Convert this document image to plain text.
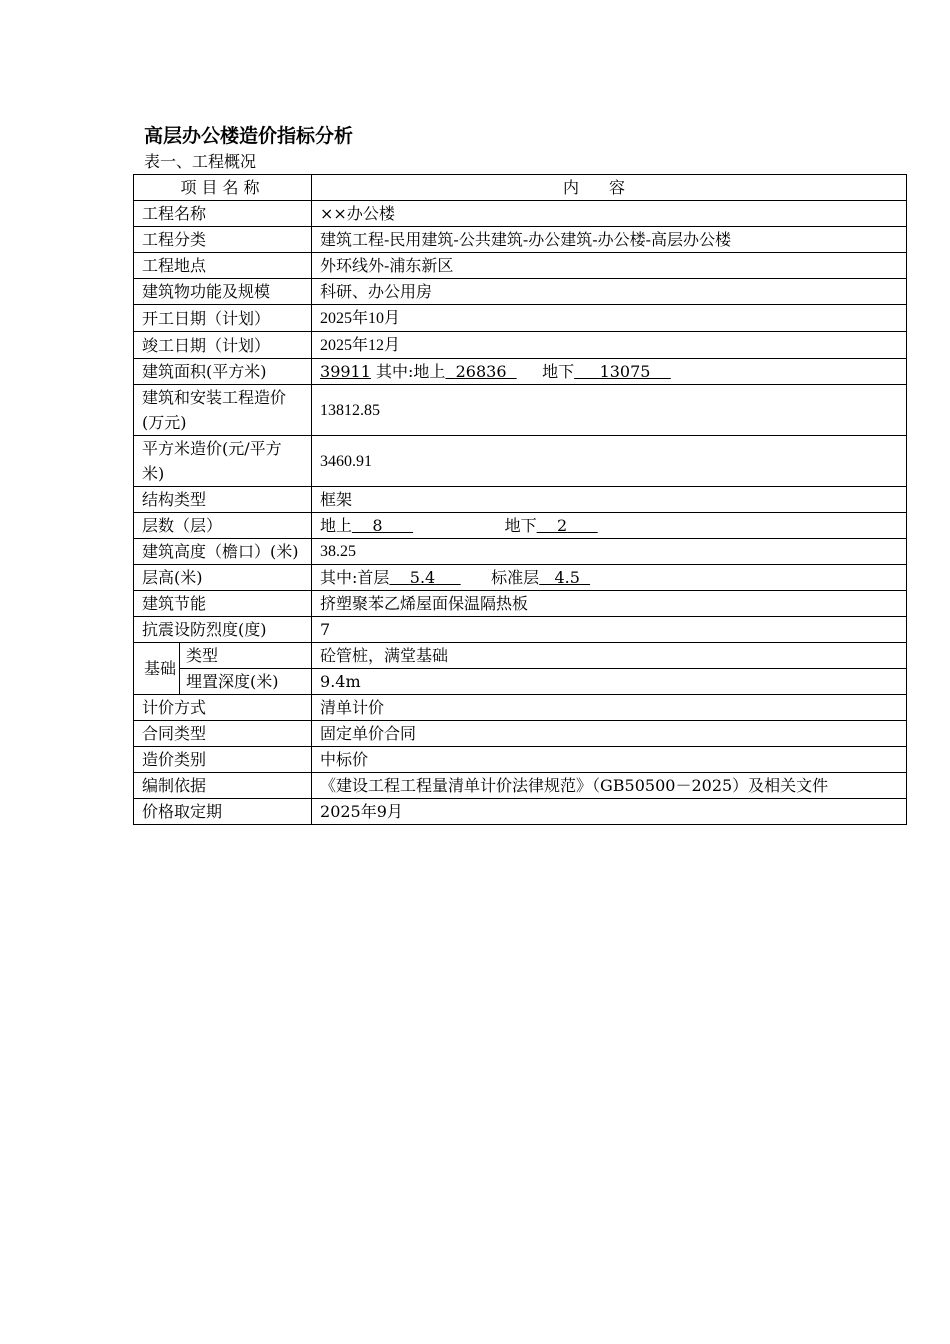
高层办公楼造价指标分析
表一、工程概况
项目名称		内容
工程名称		××办公楼
工程分类		建筑工程-民用建筑-公共建筑-办公建筑-办公楼-高层办公楼
工程地点		外环线外-浦东新区
建筑物功能及规模		科研、办公用房
开工日期（计划）		2025年10月
竣工日期（计划）		2025年12月
建筑面积(平方米)		39911 其中:地上 26836 地下 13075
建筑和安装工程造价(万元)		13812.85
平方米造价(元/平方米)		3460.91
结构类型		框架
层数（层）		地上 8 地下 2
建筑高度（檐口）(米)		38.25
层高(米)		其中:首层 5.4 标准层 4.5
建筑节能		挤塑聚苯乙烯屋面保温隔热板
抗震设防烈度(度)		7
基础	类型	砼管桩，满堂基础
	埋置深度(米)	9.4m
计价方式		清单计价
合同类型		固定单价合同
造价类别		中标价
编制依据		《建设工程工程量清单计价法律规范》（GB50500－2025）及相关文件
价格取定期		2025年9月
